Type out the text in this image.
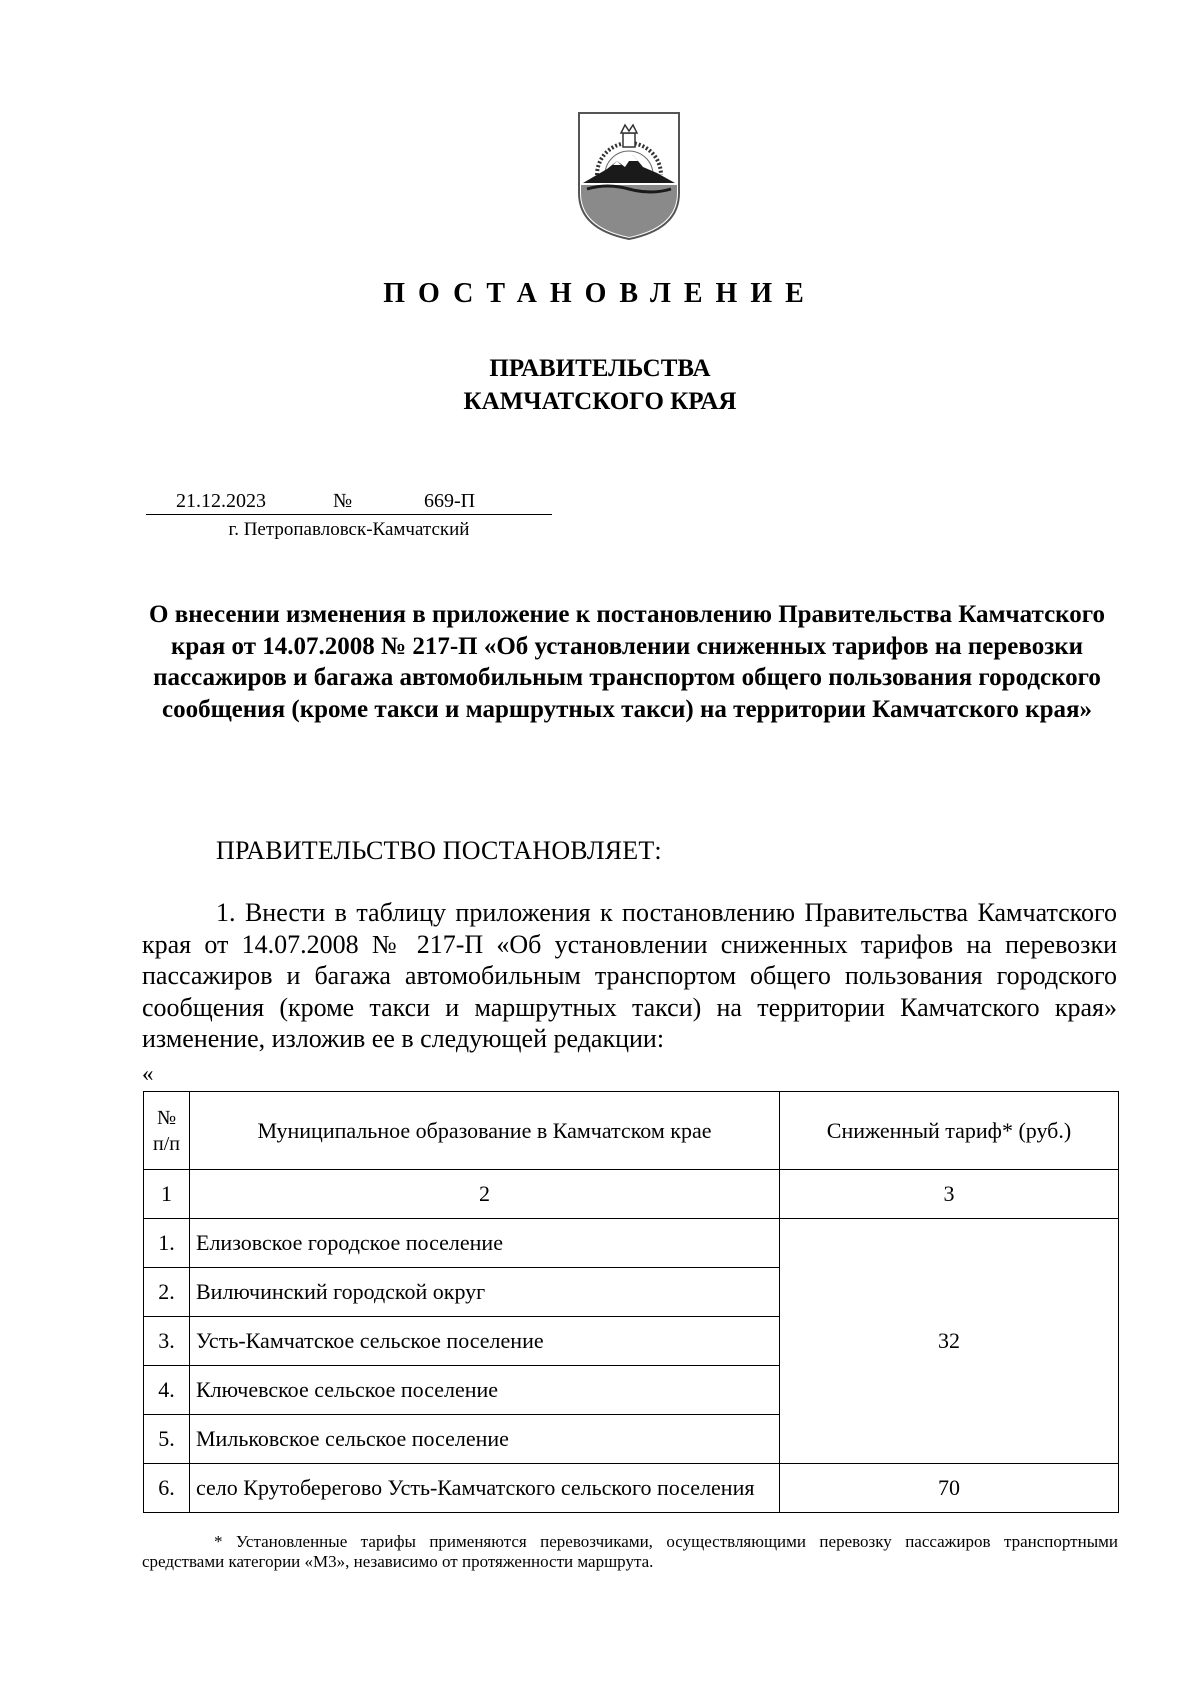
ПОСТАНОВЛЕНИЕ
ПРАВИТЕЛЬСТВА
КАМЧАТСКОГО КРАЯ
21.12.2023	№	669-П
г. Петропавловск-Камчатский

О внесении изменения в приложение к постановлению Правительства Камчатского края от 14.07.2008 № 217-П «Об установлении сниженных тарифов на перевозки пассажиров и багажа автомобильным транспортом общего пользования городского сообщения (кроме такси и маршрутных такси) на территории Камчатского края»

ПРАВИТЕЛЬСТВО ПОСТАНОВЛЯЕТ:

1. Внести в таблицу приложения к постановлению Правительства Камчатского края от 14.07.2008 № 217-П «Об установлении сниженных тарифов на перевозки пассажиров и багажа автомобильным транспортом общего пользования городского сообщения (кроме такси и маршрутных такси) на территории Камчатского края» изменение, изложив ее в следующей редакции:

«
№
п/п	Муниципальное образование в Камчатском крае	Сниженный тариф* (руб.)
1	2	3
1.	Елизовское городское поселение	32
2.	Вилючинский городской округ	
3.	Усть-Камчатское сельское поселение	
4.	Ключевское сельское поселение	
5.	Мильковское сельское поселение	
6.	село Крутоберегово Усть-Камчатского сельского поселения	70

* Установленные тарифы применяются перевозчиками, осуществляющими перевозку пассажиров транспортными средствами категории «М3», независимо от протяженности маршрута.
